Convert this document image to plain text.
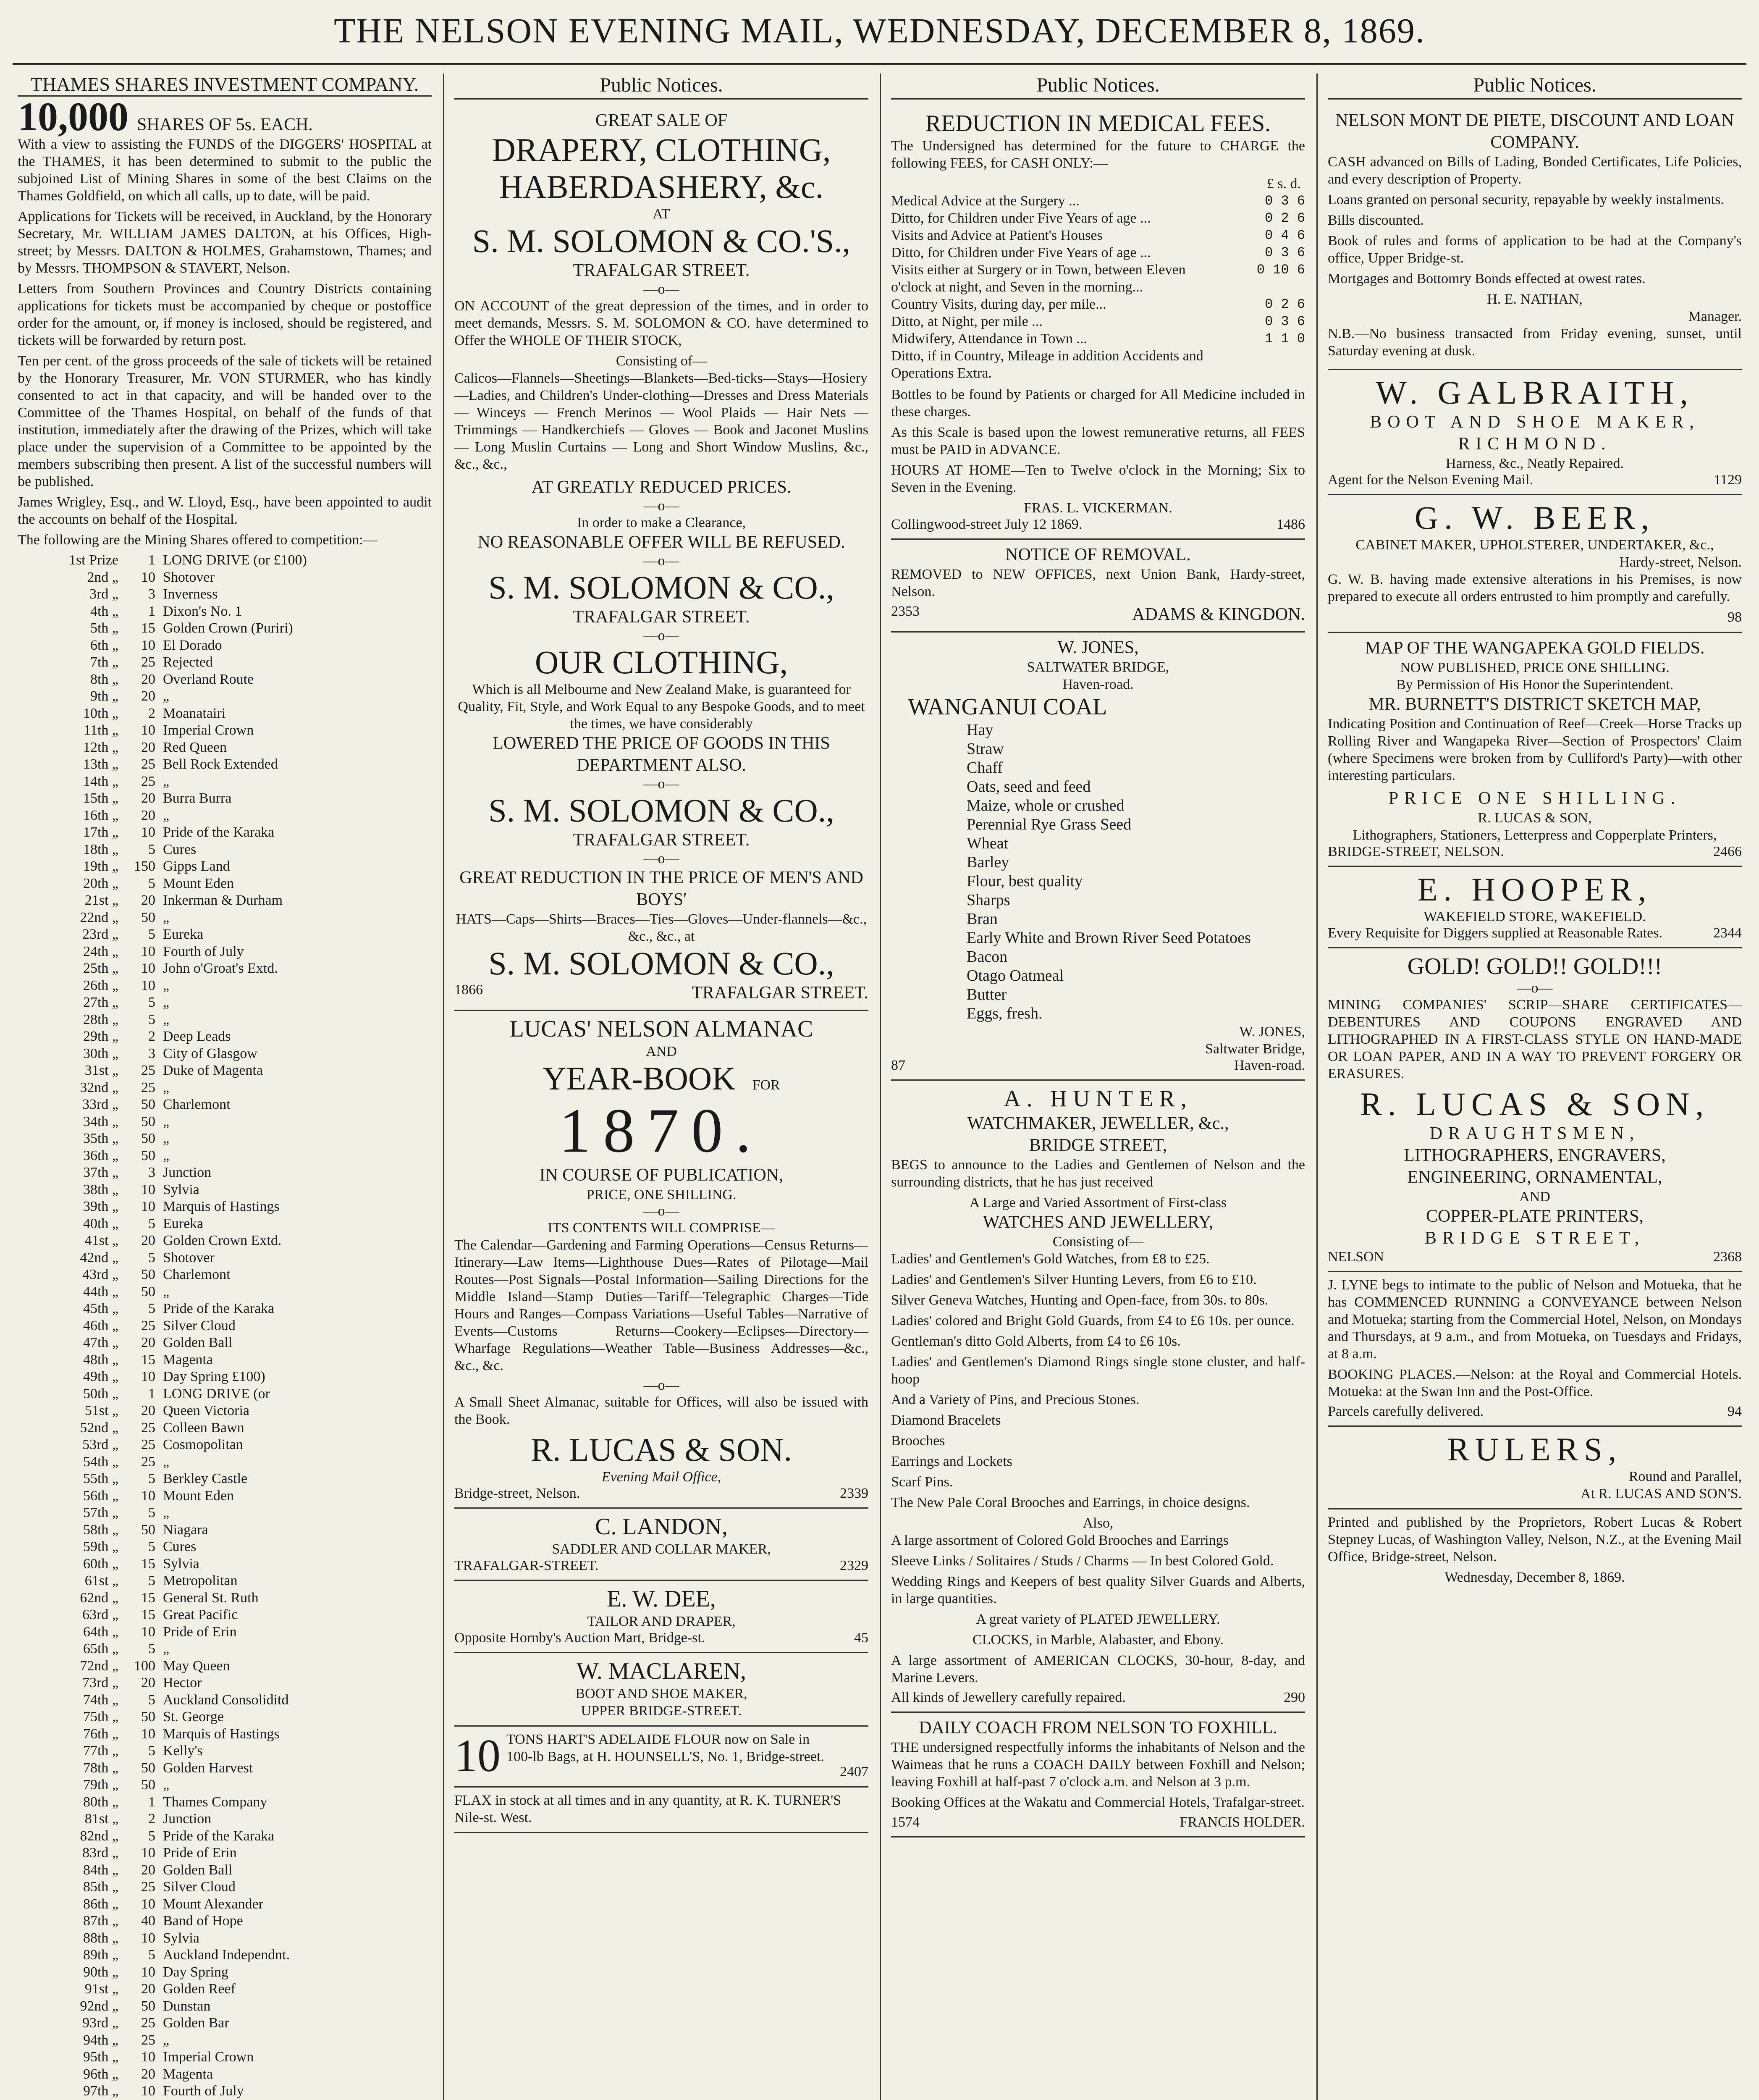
THE NELSON EVENING MAIL, WEDNESDAY, DECEMBER 8, 1869.
THAMES SHARES INVESTMENT COMPANY.
10,000 SHARES OF 5s. EACH.

With a view to assisting the FUNDS of the DIGGERS' HOSPITAL at the THAMES, it has been determined to submit to the public the subjoined List of Mining Shares in some of the best Claims on the Thames Goldfield, on which all calls, up to date, will be paid.

Applications for Tickets will be received, in Auckland, by the Honorary Secretary, Mr. WILLIAM JAMES DALTON, at his Offices, High-street; by Messrs. DALTON & HOLMES, Grahamstown, Thames; and by Messrs. THOMPSON & STAVERT, Nelson.

Letters from Southern Provinces and Country Districts containing applications for tickets must be accompanied by cheque or postoffice order for the amount, or, if money is inclosed, should be registered, and tickets will be forwarded by return post.

Ten per cent. of the gross proceeds of the sale of tickets will be retained by the Honorary Treasurer, Mr. VON STURMER, who has kindly consented to act in that capacity, and will be handed over to the Committee of the Thames Hospital, on behalf of the funds of that institution, immediately after the drawing of the Prizes, which will take place under the supervision of a Committee to be appointed by the members subscribing then present. A list of the successful numbers will be published.

James Wrigley, Esq., and W. Lloyd, Esq., have been appointed to audit the accounts on behalf of the Hospital.

The following are the Mining Shares offered to competition:—

1st Prize	1 LONG DRIVE (or £100)
2nd „	10 Shotover
3rd „	3 Inverness
4th „	1 Dixon's No. 1
5th „	15 Golden Crown (Puriri)
6th „	10 El Dorado
7th „	25 Rejected
8th „	20 Overland Route
9th „	20 „
10th „	2 Moanatairi
11th „	10 Imperial Crown
12th „	20 Red Queen
13th „	25 Bell Rock Extended
14th „	25 „
15th „	20 Burra Burra
16th „	20 „
17th „	10 Pride of the Karaka
18th „	5 Cures
19th „	150 Gipps Land
20th „	5 Mount Eden
21st „	20 Inkerman & Durham
22nd „	50 „
23rd „	5 Eureka
24th „	10 Fourth of July
25th „	10 John o'Groat's Extd.
26th „	10 „
27th „	5 „
28th „	5 „
29th „	2 Deep Leads
30th „	3 City of Glasgow
31st „	25 Duke of Magenta
32nd „	25 „
33rd „	50 Charlemont
34th „	50 „
35th „	50 „
36th „	50 „
37th „	3 Junction
38th „	10 Sylvia
39th „	10 Marquis of Hastings
40th „	5 Eureka
41st „	20 Golden Crown Extd.
42nd „	5 Shotover
43rd „	50 Charlemont
44th „	50 „
45th „	5 Pride of the Karaka
46th „	25 Silver Cloud
47th „	20 Golden Ball
48th „	15 Magenta
49th „	10 Day Spring £100)
50th „	1 LONG DRIVE (or
51st „	20 Queen Victoria
52nd „	25 Colleen Bawn
53rd „	25 Cosmopolitan
54th „	25 „
55th „	5 Berkley Castle
56th „	10 Mount Eden
57th „	5 „
58th „	50 Niagara
59th „	5 Cures
60th „	15 Sylvia
61st „	5 Metropolitan
62nd „	15 General St. Ruth
63rd „	15 Great Pacific
64th „	10 Pride of Erin
65th „	5 „
72nd „	100 May Queen
73rd „	20 Hector
74th „	5 Auckland Consoliditd
75th „	50 St. George
76th „	10 Marquis of Hastings
77th „	5 Kelly's
78th „	50 Golden Harvest
79th „	50 „
80th „	1 Thames Company
81st „	2 Junction
82nd „	5 Pride of the Karaka
83rd „	10 Pride of Erin
84th „	20 Golden Ball
85th „	25 Silver Cloud
86th „	10 Mount Alexander
87th „	40 Band of Hope
88th „	10 Sylvia
89th „	5 Auckland Independnt.
90th „	10 Day Spring
91st „	20 Golden Reef
92nd „	50 Dunstan
93rd „	25 Golden Bar
94th „	25 „
95th „	10 Imperial Crown
96th „	20 Magenta
97th „	10 Fourth of July

Public Notices.
GREAT SALE OF
DRAPERY, CLOTHING,
HABERDASHERY, &c.
AT
S. M. SOLOMON & CO.'S.,
TRAFALGAR STREET.
—o—

ON ACCOUNT of the great depression of the times, and in order to meet demands, Messrs. S. M. SOLOMON & CO. have determined to Offer the WHOLE OF THEIR STOCK,

Consisting of—

Calicos—Flannels—Sheetings—Blankets—Bed-ticks—Stays—Hosiery—Ladies, and Children's Under-clothing—Dresses and Dress Materials — Winceys — French Merinos — Wool Plaids — Hair Nets — Trimmings — Handkerchiefs — Gloves — Book and Jaconet Muslins — Long Muslin Curtains — Long and Short Window Muslins, &c., &c., &c.,

AT GREATLY REDUCED PRICES.
—o—
In order to make a Clearance,
NO REASONABLE OFFER WILL BE REFUSED.
—o—
S. M. SOLOMON & CO.,
TRAFALGAR STREET.
—o—
OUR CLOTHING,
Which is all Melbourne and New Zealand Make, is guaranteed for Quality, Fit, Style, and Work Equal to any Bespoke Goods, and to meet the times, we have considerably
LOWERED THE PRICE OF GOODS IN THIS DEPARTMENT ALSO.
—o—
S. M. SOLOMON & CO.,
TRAFALGAR STREET.
—o—
GREAT REDUCTION IN THE PRICE OF MEN'S AND BOYS'
HATS—Caps—Shirts—Braces—Ties—Gloves—Under-flannels—&c., &c., &c., at
S. M. SOLOMON & CO.,
1866	TRAFALGAR STREET.
LUCAS' NELSON ALMANAC
AND
YEAR-BOOK FOR
1870.
IN COURSE OF PUBLICATION,
PRICE, ONE SHILLING.
—o—
ITS CONTENTS WILL COMPRISE—

The Calendar—Gardening and Farming Operations—Census Returns—Itinerary—Law Items—Lighthouse Dues—Rates of Pilotage—Mail Routes—Post Signals—Postal Information—Sailing Directions for the Middle Island—Stamp Duties—Tariff—Telegraphic Charges—Tide Hours and Ranges—Compass Variations—Useful Tables—Narrative of Events—Customs Returns—Cookery—Eclipses—Directory—Wharfage Regulations—Weather Table—Business Addresses—&c., &c., &c.

—o—

A Small Sheet Almanac, suitable for Offices, will also be issued with the Book.

R. LUCAS & SON.
Evening Mail Office,
Bridge-street, Nelson.	2339
C. LANDON,
SADDLER AND COLLAR MAKER,
TRAFALGAR-STREET.	2329
E. W. DEE,
TAILOR AND DRAPER,
Opposite Hornby's Auction Mart, Bridge-st.	45
W. MACLAREN,
BOOT AND SHOE MAKER,
UPPER BRIDGE-STREET.
10 TONS HART'S ADELAIDE FLOUR now on Sale in 100-lb Bags, at H. HOUNSELL'S, No. 1, Bridge-street.
2407
FLAX in stock at all times and in any quantity, at R. K. TURNER'S Nile-st. West.
Public Notices.
REDUCTION IN MEDICAL FEES.

The Undersigned has determined for the future to CHARGE the following FEES, for CASH ONLY:—

£ s. d.
Medical Advice at the Surgery ...	0 3 6
Ditto, for Children under Five Years of age ...	0 2 6
Visits and Advice at Patient's Houses	0 4 6
Ditto, for Children under Five Years of age ...	0 3 6
Visits either at Surgery or in Town, between Eleven o'clock at night, and Seven in the morning...
0 10 6
Country Visits, during day, per mile...	0 2 6
Ditto, at Night, per mile ...	0 3 6
Midwifery, Attendance in Town ...	1 1 0
Ditto, if in Country, Mileage in addition Accidents and Operations Extra.

Bottles to be found by Patients or charged for All Medicine included in these charges.

As this Scale is based upon the lowest remunerative returns, all FEES must be PAID in ADVANCE.

HOURS AT HOME—Ten to Twelve o'clock in the Morning; Six to Seven in the Evening.

FRAS. L. VICKERMAN.
Collingwood-street July 12 1869.	1486
NOTICE OF REMOVAL.

REMOVED to NEW OFFICES, next Union Bank, Hardy-street, Nelson.

2353	ADAMS & KINGDON.
W. JONES,
SALTWATER BRIDGE,
Haven-road.
WANGANUI COAL
Hay
Straw
Chaff
Oats, seed and feed
Maize, whole or crushed
Perennial Rye Grass Seed
Wheat
Barley
Flour, best quality
Sharps
Bran
Early White and Brown River Seed Potatoes
Bacon
Otago Oatmeal
Butter
Eggs, fresh.
W. JONES,
Saltwater Bridge,
87	Haven-road.
A. HUNTER,
WATCHMAKER, JEWELLER, &c.,
BRIDGE STREET,

BEGS to announce to the Ladies and Gentlemen of Nelson and the surrounding districts, that he has just received

A Large and Varied Assortment of First-class
WATCHES AND JEWELLERY,
Consisting of—

Ladies' and Gentlemen's Gold Watches, from £8 to £25.

Ladies' and Gentlemen's Silver Hunting Levers, from £6 to £10.

Silver Geneva Watches, Hunting and Open-face, from 30s. to 80s.

Ladies' colored and Bright Gold Guards, from £4 to £6 10s. per ounce.

Gentleman's ditto Gold Alberts, from £4 to £6 10s.

Ladies' and Gentlemen's Diamond Rings single stone cluster, and half-hoop

And a Variety of Pins, and Precious Stones.

Diamond Bracelets

Brooches

Earrings and Lockets

Scarf Pins.

The New Pale Coral Brooches and Earrings, in choice designs.

Also,

A large assortment of Colored Gold Brooches and Earrings

Sleeve Links / Solitaires / Studs / Charms — In best Colored Gold.

Wedding Rings and Keepers of best quality Silver Guards and Alberts, in large quantities.

A great variety of PLATED JEWELLERY.

CLOCKS, in Marble, Alabaster, and Ebony.

A large assortment of AMERICAN CLOCKS, 30-hour, 8-day, and Marine Levers.

All kinds of Jewellery carefully repaired.	290
DAILY COACH FROM NELSON TO FOXHILL.

THE undersigned respectfully informs the inhabitants of Nelson and the Waimeas that he runs a COACH DAILY between Foxhill and Nelson; leaving Foxhill at half-past 7 o'clock a.m. and Nelson at 3 p.m.

Booking Offices at the Wakatu and Commercial Hotels, Trafalgar-street.

1574	FRANCIS HOLDER.
Public Notices.
NELSON MONT DE PIETE, DISCOUNT AND LOAN COMPANY.

CASH advanced on Bills of Lading, Bonded Certificates, Life Policies, and every description of Property.

Loans granted on personal security, repayable by weekly instalments.

Bills discounted.

Book of rules and forms of application to be had at the Company's office, Upper Bridge-st.

Mortgages and Bottomry Bonds effected at owest rates.

H. E. NATHAN,
Manager.

N.B.—No business transacted from Friday evening, sunset, until Saturday evening at dusk.

W. GALBRAITH,
BOOT AND SHOE MAKER,
RICHMOND.
Harness, &c., Neatly Repaired.
Agent for the Nelson Evening Mail.	1129
G. W. BEER,
CABINET MAKER, UPHOLSTERER, UNDERTAKER, &c.,
Hardy-street, Nelson.

G. W. B. having made extensive alterations in his Premises, is now prepared to execute all orders entrusted to him promptly and carefully.

98
MAP OF THE WANGAPEKA GOLD FIELDS.
NOW PUBLISHED, PRICE ONE SHILLING.
By Permission of His Honor the Superintendent.
MR. BURNETT'S DISTRICT SKETCH MAP,

Indicating Position and Continuation of Reef—Creek—Horse Tracks up Rolling River and Wangapeka River—Section of Prospectors' Claim (where Specimens were broken from by Culliford's Party)—with other interesting particulars.

PRICE ONE SHILLING.
R. LUCAS & SON,
Lithographers, Stationers, Letterpress and Copperplate Printers,
BRIDGE-STREET, NELSON.	2466
E. HOOPER,
WAKEFIELD STORE, WAKEFIELD.
Every Requisite for Diggers supplied at Reasonable Rates.	2344
GOLD! GOLD!! GOLD!!!
—o—

MINING COMPANIES' SCRIP—SHARE CERTIFICATES—DEBENTURES AND COUPONS ENGRAVED AND LITHOGRAPHED IN A FIRST-CLASS STYLE ON HAND-MADE OR LOAN PAPER, AND IN A WAY TO PREVENT FORGERY OR ERASURES.

R. LUCAS & SON,
DRAUGHTSMEN,
LITHOGRAPHERS, ENGRAVERS,
ENGINEERING, ORNAMENTAL,
AND
COPPER-PLATE PRINTERS,
BRIDGE STREET,
NELSON	2368

J. LYNE begs to intimate to the public of Nelson and Motueka, that he has COMMENCED RUNNING a CONVEYANCE between Nelson and Motueka; starting from the Commercial Hotel, Nelson, on Mondays and Thursdays, at 9 a.m., and from Motueka, on Tuesdays and Fridays, at 8 a.m.

BOOKING PLACES.—Nelson: at the Royal and Commercial Hotels. Motueka: at the Swan Inn and the Post-Office.

Parcels carefully delivered.	94
RULERS,
Round and Parallel,
At R. LUCAS AND SON'S.

Printed and published by the Proprietors, Robert Lucas & Robert Stepney Lucas, of Washington Valley, Nelson, N.Z., at the Evening Mail Office, Bridge-street, Nelson.

Wednesday, December 8, 1869.
